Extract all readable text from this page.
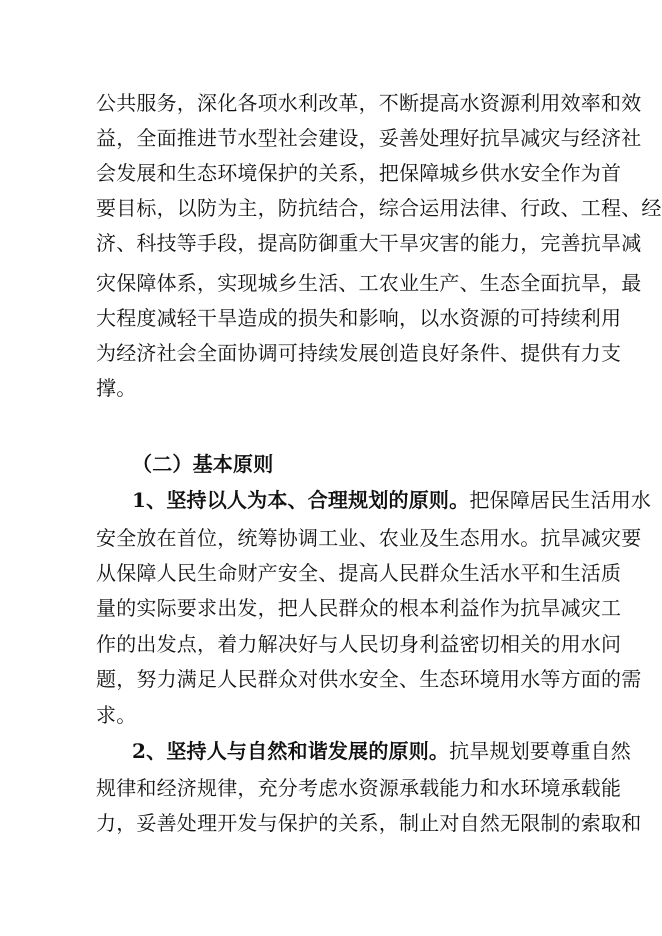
公共服务，深化各项水利改革，不断提高水资源利用效率和效
益，全面推进节水型社会建设，妥善处理好抗旱减灾与经济社
会发展和生态环境保护的关系，把保障城乡供水安全作为首
要目标，以防为主，防抗结合，综合运用法律、行政、工程、经
济、科技等手段，提高防御重大干旱灾害的能力，完善抗旱减
灾保障体系，实现城乡生活、工农业生产、生态全面抗旱，最
大程度减轻干旱造成的损失和影响，以水资源的可持续利用
为经济社会全面协调可持续发展创造良好条件、提供有力支
撑。
（二）基本原则
1、坚持以人为本、合理规划的原则。把保障居民生活用水
安全放在首位，统筹协调工业、农业及生态用水。抗旱减灾要
从保障人民生命财产安全、提高人民群众生活水平和生活质
量的实际要求出发，把人民群众的根本利益作为抗旱减灾工
作的出发点，着力解决好与人民切身利益密切相关的用水问
题，努力满足人民群众对供水安全、生态环境用水等方面的需
求。
2、坚持人与自然和谐发展的原则。抗旱规划要尊重自然
规律和经济规律，充分考虑水资源承载能力和水环境承载能
力，妥善处理开发与保护的关系，制止对自然无限制的索取和
